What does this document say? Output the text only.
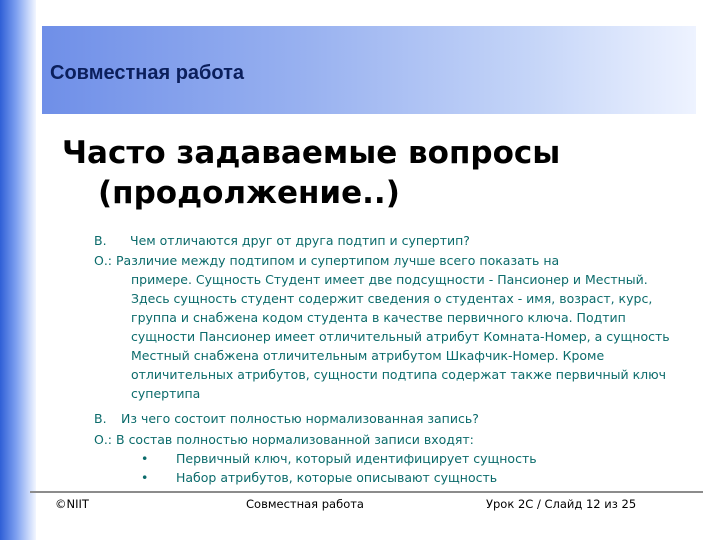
Совместная работа
Часто задаваемые вопросы
(продолжение..)

В. Чем отличаются друг от друга подтип и супертип?

О.: Различие между подтипом и супертипом лучше всего показать на
примере. Сущность Студент имеет две подсущности - Пансионер и Местный. Здесь сущность студент содержит сведения о студентах - имя, возраст, курс, группа и снабжена кодом студента в качестве первичного ключа. Подтип сущности Пансионер имеет отличительный атрибут Комната-Номер, а сущность Местный снабжена отличительным атрибутом Шкафчик-Номер. Кроме отличительных атрибутов, сущности подтипа содержат также первичный ключ супертипа

В. Из чего состоит полностью нормализованная запись?

О.: В состав полностью нормализованной записи входят:

• Первичный ключ, который идентифицирует сущность
• Набор атрибутов, которые описывают сущность
©NIIT	Совместная работа	Урок 2C / Слайд 12 из 25
